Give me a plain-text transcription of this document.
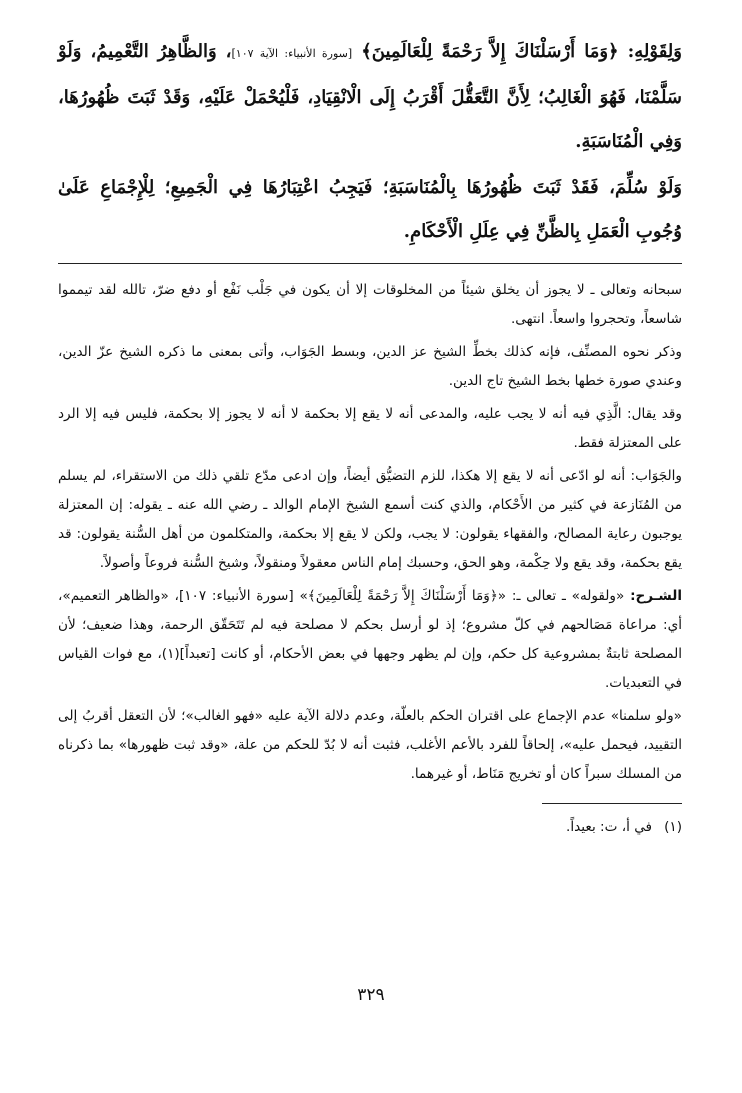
وَلِقَوْلِهِ: ﴿وَمَا أَرْسَلْنَاكَ إِلاَّ رَحْمَةً لِلْعَالَمِينَ﴾ [سورة الأنبياء: الآية ١٠٧]، وَالظَّاهِرُ التَّعْمِيمُ، وَلَوْ سَلَّمْنَا، فَهُوَ الْغَالِبُ؛ لِأَنَّ التَّعَقُّلَ أَقْرَبُ إِلَى الْانْقِيَادِ، فَلْيُحْمَلْ عَلَيْهِ، وَقَدْ ثَبَتَ ظُهُورُهَا، وَفِي الْمُنَاسَبَةِ.

وَلَوْ سُلِّمَ، فَقَدْ ثَبَتَ ظُهُورُهَا بِالْمُنَاسَبَةِ؛ فَيَجِبُ اعْتِبَارُهَا فِي الْجَمِيعِ؛ لِلْإِجْمَاعِ عَلَىٰ وُجُوبِ الْعَمَلِ بِالظَّنِّ فِي عِلَلِ الْأَحْكَامِ.

سبحانه وتعالى ـ لا يجوز أن يخلق شيئاً من المخلوقات إلا أن يكون في جَلْب نَفْع أو دفع ضرّ، تالله لقد تيمموا شاسعاً، وتحجروا واسعاً. انتهى.

وذكر نحوه المصنِّف، فإنه كذلك بخطِّ الشيخ عز الدين، وبسط الجَوَاب، وأتى بمعنى ما ذكره الشيخ عزّ الدين، وعندي صورة خطها بخط الشيخ تاج الدين.

وقد يقال: الَّذِي فيه أنه لا يجب عليه، والمدعى أنه لا يقع إلا بحكمة لا أنه لا يجوز إلا بحكمة، فليس فيه إلا الرد على المعتزلة فقط.

والجَوَاب: أنه لو ادّعى أنه لا يقع إلا هكذا، للزم التضيُّق أيضاً، وإن ادعى مدّع تلقي ذلك من الاستقراء، لم يسلم من المُنَازعة في كثير من الأَحْكام، والذي كنت أسمع الشيخ الإمام الوالد ـ رضي الله عنه ـ يقوله: إن المعتزلة يوجبون رعاية المصالح، والفقهاء يقولون: لا يجب، ولكن لا يقع إلا بحكمة، والمتكلمون من أهل السُّنة يقولون: قد يقع بحكمة، وقد يقع ولا حِكْمة، وهو الحق، وحسبك إمام الناس معقولاً ومنقولاً، وشيخ السُّنة فروعاً وأصولاً.

الشـرح: «ولقوله» ـ تعالى ـ: «﴿وَمَا أَرْسَلْنَاكَ إِلاَّ رَحْمَةً لِلْعَالَمِينَ﴾» [سورة الأنبياء: ١٠٧]، «والظاهر التعميم»، أي: مراعاة مَصَالحهم في كلّ مشروع؛ إذ لو أرسل بحكم لا مصلحة فيه لم تَتَحَقّق الرحمة، وهذا ضعيف؛ لأن المصلحة ثابتةٌ بمشروعية كل حكم، وإن لم يظهر وجهها في بعض الأحكام، أو كانت [تعبداً](١)، مع فوات القياس في التعبديات.

«ولو سلمنا» عدم الإجماع على اقتران الحكم بالعلّة، وعدم دلالة الآية عليه «فهو الغالب»؛ لأن التعقل أقربُ إلى التقييد، فيحمل عليه»، إلحاقاً للفرد بالأعم الأغلب، فثبت أنه لا بُدّ للحكم من علة، «وقد ثبت ظهورها» بما ذكرناه من المسلك سبراً كان أو تخريج مَنَاط، أو غيرهما.

(١)في أ، ت: بعيداً.
٣٢٩
